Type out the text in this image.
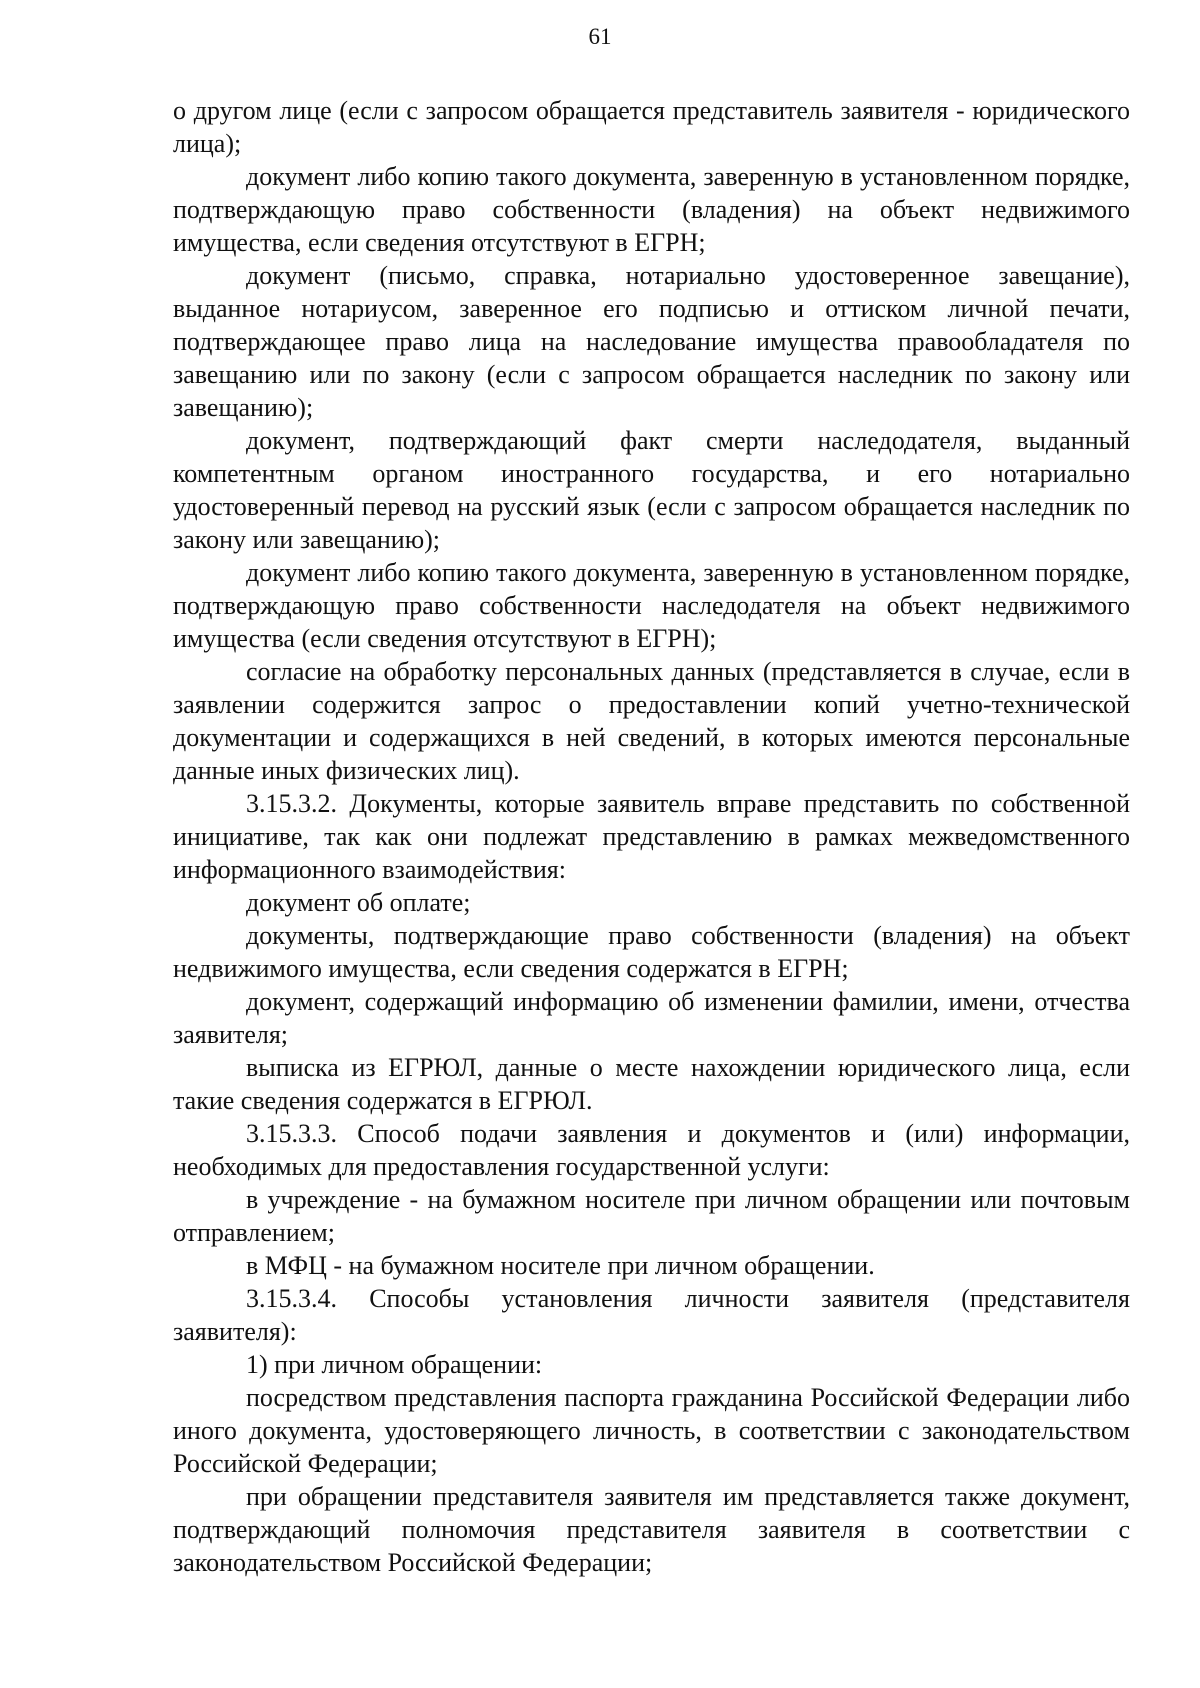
61

о другом лице (если с запросом обращается представитель заявителя - юридического лица);

документ либо копию такого документа, заверенную в установленном порядке, подтверждающую право собственности (владения) на объект недвижимого имущества, если сведения отсутствуют в ЕГРН;

документ (письмо, справка, нотариально удостоверенное завещание), выданное нотариусом, заверенное его подписью и оттиском личной печати, подтверждающее право лица на наследование имущества правообладателя по завещанию или по закону (если с запросом обращается наследник по закону или завещанию);

документ, подтверждающий факт смерти наследодателя, выданный компетентным органом иностранного государства, и его нотариально удостоверенный перевод на русский язык (если с запросом обращается наследник по закону или завещанию);

документ либо копию такого документа, заверенную в установленном порядке, подтверждающую право собственности наследодателя на объект недвижимого имущества (если сведения отсутствуют в ЕГРН);

согласие на обработку персональных данных (представляется в случае, если в заявлении содержится запрос о предоставлении копий учетно-технической документации и содержащихся в ней сведений, в которых имеются персональные данные иных физических лиц).

3.15.3.2. Документы, которые заявитель вправе представить по собственной инициативе, так как они подлежат представлению в рамках межведомственного информационного взаимодействия:

документ об оплате;

документы, подтверждающие право собственности (владения) на объект недвижимого имущества, если сведения содержатся в ЕГРН;

документ, содержащий информацию об изменении фамилии, имени, отчества заявителя;

выписка из ЕГРЮЛ, данные о месте нахождении юридического лица, если такие сведения содержатся в ЕГРЮЛ.

3.15.3.3. Способ подачи заявления и документов и (или) информации, необходимых для предоставления государственной услуги:

в учреждение - на бумажном носителе при личном обращении или почтовым отправлением;

в МФЦ - на бумажном носителе при личном обращении.

3.15.3.4. Способы установления личности заявителя (представителя заявителя):

1) при личном обращении:

посредством представления паспорта гражданина Российской Федерации либо иного документа, удостоверяющего личность, в соответствии с законодательством Российской Федерации;

при обращении представителя заявителя им представляется также документ, подтверждающий полномочия представителя заявителя в соответствии с законодательством Российской Федерации;
